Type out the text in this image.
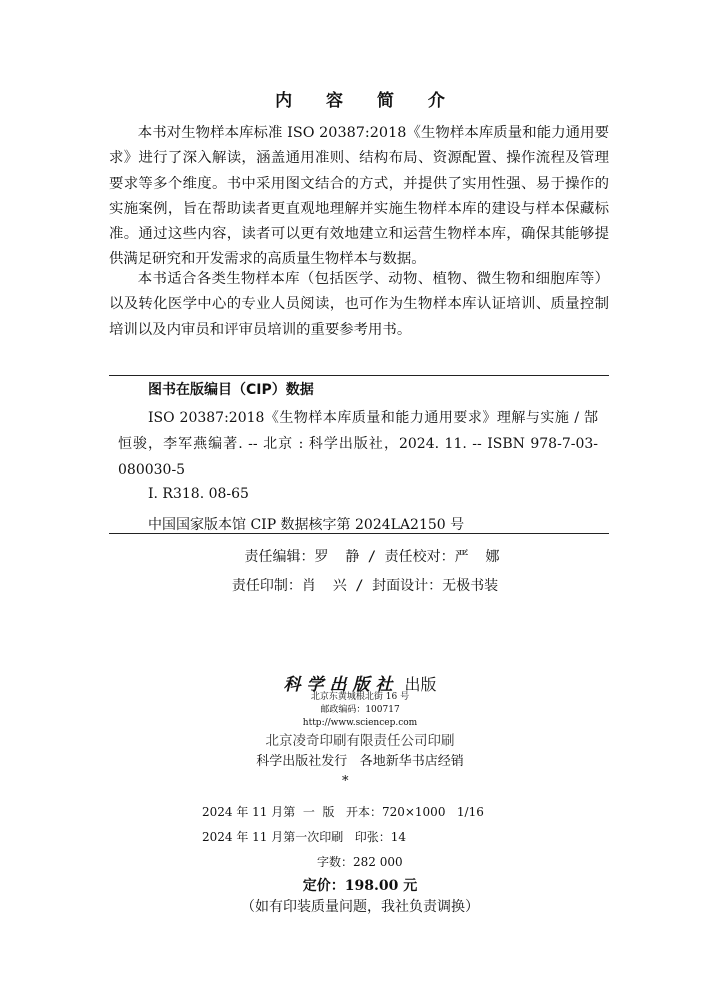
内 容 简 介

本书对生物样本库标准 ISO 20387:2018《生物样本库质量和能力通用要求》进行了深入解读，涵盖通用准则、结构布局、资源配置、操作流程及管理要求等多个维度。书中采用图文结合的方式，并提供了实用性强、易于操作的实施案例，旨在帮助读者更直观地理解并实施生物样本库的建设与样本保藏标准。通过这些内容，读者可以更有效地建立和运营生物样本库，确保其能够提供满足研究和开发需求的高质量生物样本与数据。

本书适合各类生物样本库（包括医学、动物、植物、微生物和细胞库等）以及转化医学中心的专业人员阅读，也可作为生物样本库认证培训、质量控制培训以及内审员和评审员培训的重要参考用书。

图书在版编目（CIP）数据
ISO 20387:2018《生物样本库质量和能力通用要求》理解与实施 / 郜恒骏，李军燕编著. -- 北京 : 科学出版社，2024. 11. -- ISBN 978-7-03-080030-5
Ⅰ. R318. 08-65
中国国家版本馆 CIP 数据核字第 2024LA2150 号
责任编辑：罗  静 / 责任校对：严  娜
责任印制：肖  兴 / 封面设计：无极书装
科学出版社 出版
北京东黄城根北街 16 号
邮政编码：100717
http://www.sciencep.com
北京凌奇印刷有限责任公司印刷
科学出版社发行   各地新华书店经销
*
2024 年 11 月第  一  版   开本：720×1000   1/16
2024 年 11 月第一次印刷   印张：14
字数：282 000
定价：198.00 元
（如有印装质量问题，我社负责调换）
